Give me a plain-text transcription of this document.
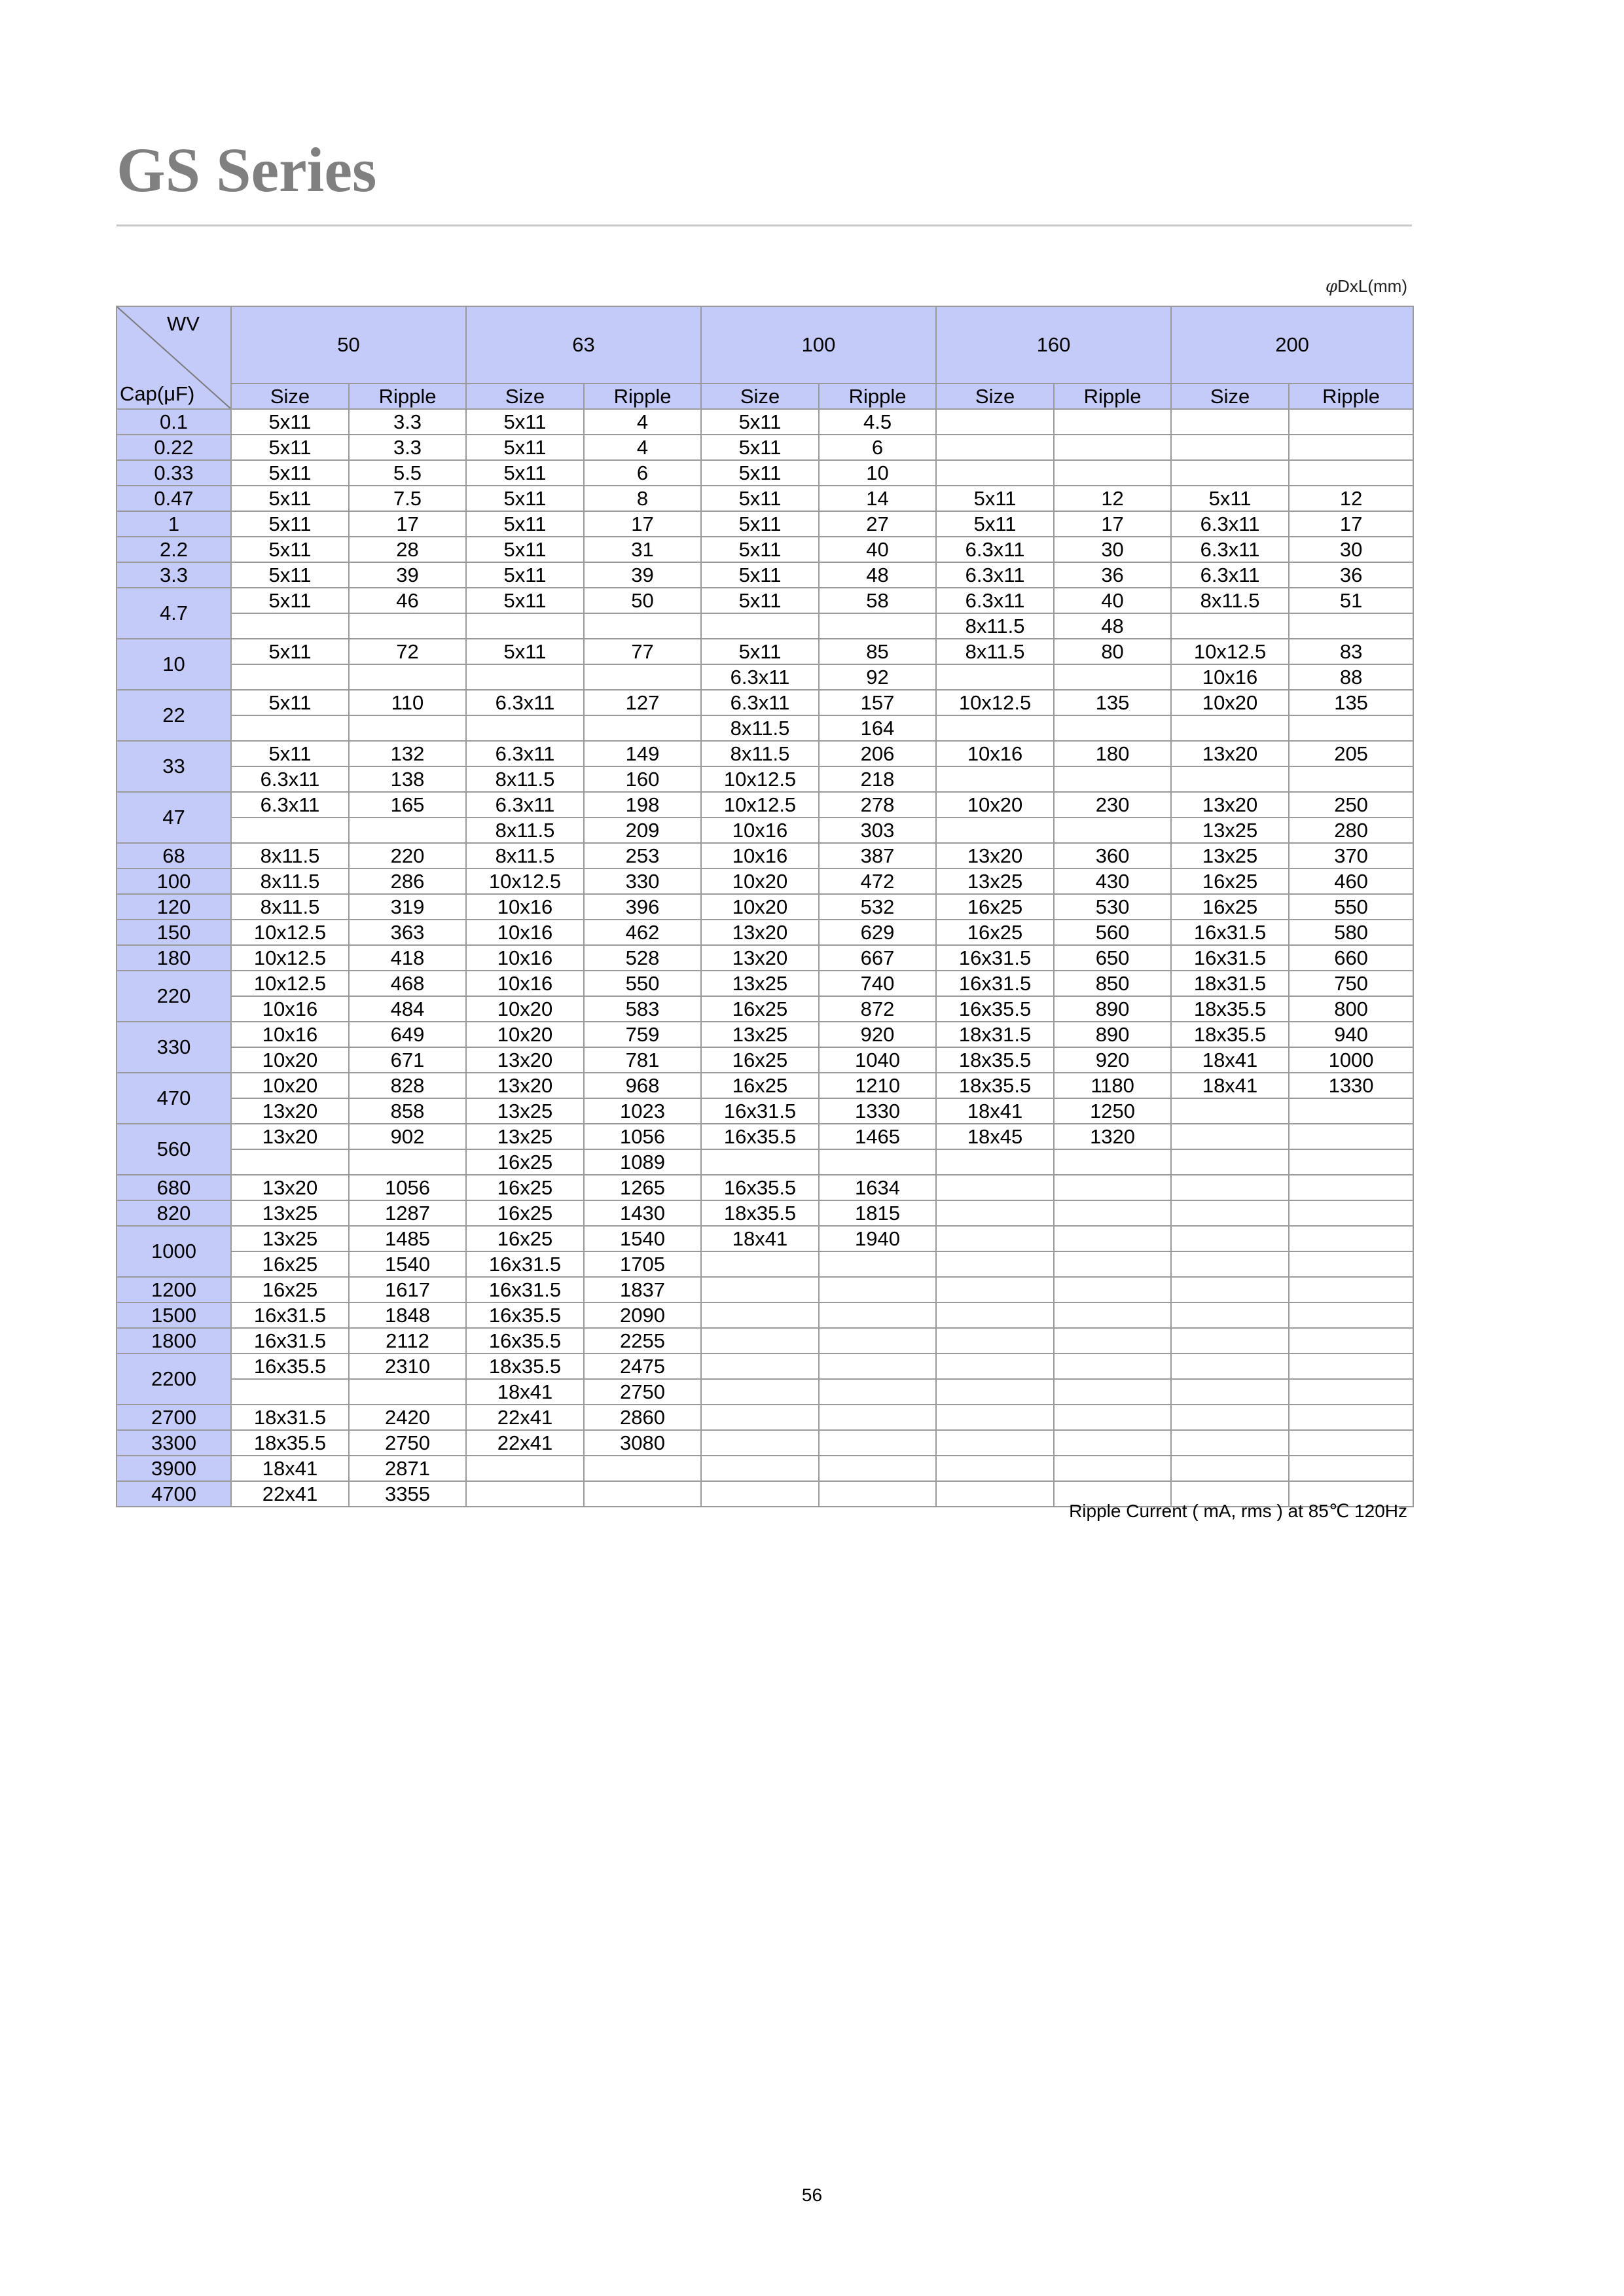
GS Series
φDxL(mm)
WV
Cap(μF)	50		63		100		160		200	
	Size	Ripple	Size	Ripple	Size	Ripple	Size	Ripple	Size	Ripple
0.1	5x11	3.3	5x11	4	5x11	4.5				
0.22	5x11	3.3	5x11	4	5x11	6				
0.33	5x11	5.5	5x11	6	5x11	10				
0.47	5x11	7.5	5x11	8	5x11	14	5x11	12	5x11	12
1	5x11	17	5x11	17	5x11	27	5x11	17	6.3x11	17
2.2	5x11	28	5x11	31	5x11	40	6.3x11	30	6.3x11	30
3.3	5x11	39	5x11	39	5x11	48	6.3x11	36	6.3x11	36
4.7	5x11	46	5x11	50	5x11	58	6.3x11	40	8x11.5	51
							8x11.5	48		
10	5x11	72	5x11	77	5x11	85	8x11.5	80	10x12.5	83
					6.3x11	92			10x16	88
22	5x11	110	6.3x11	127	6.3x11	157	10x12.5	135	10x20	135
					8x11.5	164				
33	5x11	132	6.3x11	149	8x11.5	206	10x16	180	13x20	205
	6.3x11	138	8x11.5	160	10x12.5	218				
47	6.3x11	165	6.3x11	198	10x12.5	278	10x20	230	13x20	250
			8x11.5	209	10x16	303			13x25	280
68	8x11.5	220	8x11.5	253	10x16	387	13x20	360	13x25	370
100	8x11.5	286	10x12.5	330	10x20	472	13x25	430	16x25	460
120	8x11.5	319	10x16	396	10x20	532	16x25	530	16x25	550
150	10x12.5	363	10x16	462	13x20	629	16x25	560	16x31.5	580
180	10x12.5	418	10x16	528	13x20	667	16x31.5	650	16x31.5	660
220	10x12.5	468	10x16	550	13x25	740	16x31.5	850	18x31.5	750
	10x16	484	10x20	583	16x25	872	16x35.5	890	18x35.5	800
330	10x16	649	10x20	759	13x25	920	18x31.5	890	18x35.5	940
	10x20	671	13x20	781	16x25	1040	18x35.5	920	18x41	1000
470	10x20	828	13x20	968	16x25	1210	18x35.5	1180	18x41	1330
	13x20	858	13x25	1023	16x31.5	1330	18x41	1250		
560	13x20	902	13x25	1056	16x35.5	1465	18x45	1320		
			16x25	1089						
680	13x20	1056	16x25	1265	16x35.5	1634				
820	13x25	1287	16x25	1430	18x35.5	1815				
1000	13x25	1485	16x25	1540	18x41	1940				
	16x25	1540	16x31.5	1705						
1200	16x25	1617	16x31.5	1837						
1500	16x31.5	1848	16x35.5	2090						
1800	16x31.5	2112	16x35.5	2255						
2200	16x35.5	2310	18x35.5	2475						
			18x41	2750						
2700	18x31.5	2420	22x41	2860						
3300	18x35.5	2750	22x41	3080						
3900	18x41	2871								
4700	22x41	3355								
Ripple Current ( mA, rms ) at 85℃ 120Hz
56
